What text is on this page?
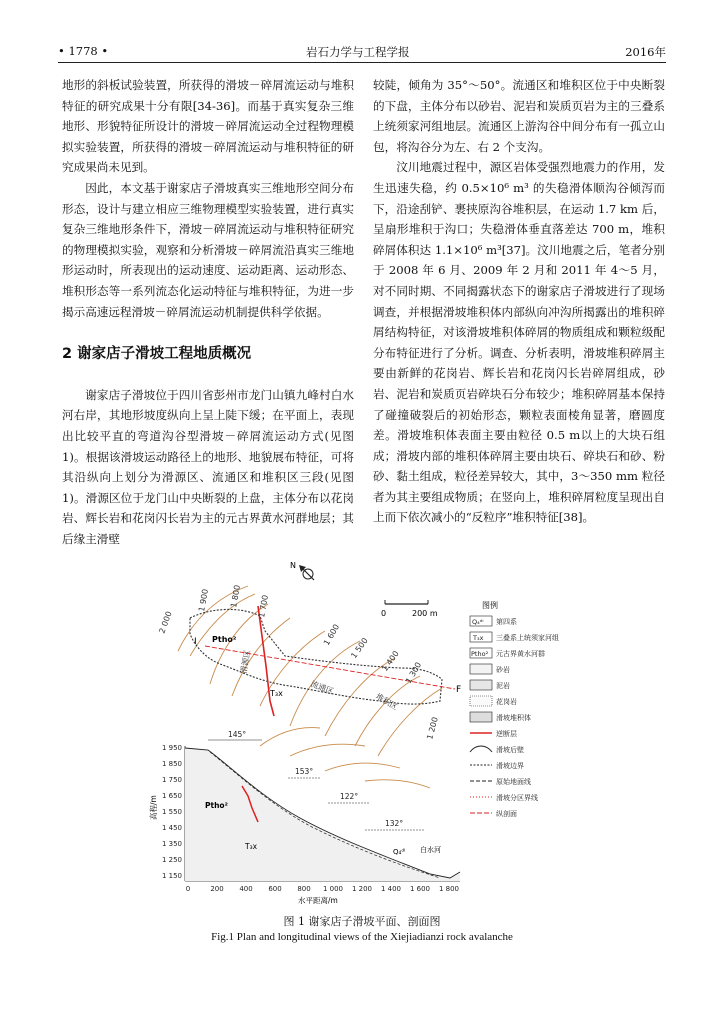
• 1778 •	岩石力学与工程学报	2016年

地形的斜板试验装置，所获得的滑坡－碎屑流运动与堆积特征的研究成果十分有限[34-36]。而基于真实复杂三维地形、形貌特征所设计的滑坡－碎屑流运动全过程物理模拟实验装置，所获得的滑坡－碎屑流运动与堆积特征的研究成果尚未见到。

因此，本文基于谢家店子滑坡真实三维地形空间分布形态，设计与建立相应三维物理模型实验装置，进行真实复杂三维地形条件下，滑坡－碎屑流运动与堆积特征研究的物理模拟实验，观察和分析滑坡－碎屑流沿真实三维地形运动时，所表现出的运动速度、运动距离、运动形态、堆积形态等一系列流态化运动特征与堆积特征，为进一步揭示高速远程滑坡－碎屑流运动机制提供科学依据。

2 谢家店子滑坡工程地质概况

谢家店子滑坡位于四川省彭州市龙门山镇九峰村白水河右岸，其地形坡度纵向上呈上陡下缓；在平面上，表现出比较平直的弯道沟谷型滑坡－碎屑流运动方式(见图 1)。根据该滑坡运动路径上的地形、地貌展布特征，可将其沿纵向上划分为滑源区、流通区和堆积区三段(见图 1)。滑源区位于龙门山中央断裂的上盘，主体分布以花岗岩、辉长岩和花岗闪长岩为主的元古界黄水河群地层；其后缘主滑壁

较陡，倾角为 35°～50°。流通区和堆积区位于中央断裂的下盘，主体分布以砂岩、泥岩和炭质页岩为主的三叠系上统须家河组地层。流通区上游沟谷中间分布有一孤立山包，将沟谷分为左、右 2 个支沟。

汶川地震过程中，源区岩体受强烈地震力的作用，发生迅速失稳，约 0.5×10⁶ m³ 的失稳滑体顺沟谷倾泻而下，沿途刮铲、裹挟原沟谷堆积层，在运动 1.7 km 后，呈扇形堆积于沟口；失稳滑体垂直落差达 700 m，堆积碎屑体积达 1.1×10⁶ m³[37]。汶川地震之后，笔者分别于 2008 年 6 月、2009 年 2 月和 2011 年 4～5 月，对不同时期、不同揭露状态下的谢家店子滑坡进行了现场调查，并根据滑坡堆积体内部纵向冲沟所揭露出的堆积碎屑结构特征，对该滑坡堆积体碎屑的物质组成和颗粒级配分布特征进行了分析。调查、分析表明，滑坡堆积碎屑主要由新鲜的花岗岩、辉长岩和花岗闪长岩碎屑组成，砂岩、泥岩和炭质页岩碎块石分布较少；堆积碎屑基本保持了碰撞破裂后的初始形态，颗粒表面棱角显著，磨圆度差。滑坡堆积体表面主要由粒径 0.5 m以上的大块石组成；滑坡内部的堆积体碎屑主要由块石、碎块石和砂、粉砂、黏土组成，粒径差异较大，其中，3～350 mm 粒径者为其主要组成物质；在竖向上，堆积碎屑粒度呈现出自上而下依次减小的“反粒序”堆积特征[38]。

I
F
2 000
1 900 1 800 1 700
1 600
1 500
1 400 1 300
1 200
滑源区
流通区
堆积区
Ptho²
T₃x
N
0	200 m
图例
Q₄ᵈˡ 第四系
T₃x 三叠系上统须家河组
Ptho² 元古界黄水河群
砂岩
泥岩
花岗岩
滑坡堆积体
逆断层
滑坡后壁
滑坡边界
原始地面线
滑坡分区界线
纵剖面
1 950
1 850
1 750
1 650
1 550
1 450
1 350
1 250
1 150
高程/m
0	200 400 600 800 1 000 1 200 1 400 1 600 1 800
水平距离/m
Ptho²
T₃x
Q₄ᵈˡ 白水河
145°
153°
122°
132°
图 1 谢家店子滑坡平面、剖面图
Fig.1 Plan and longitudinal views of the Xiejiadianzi rock avalanche
